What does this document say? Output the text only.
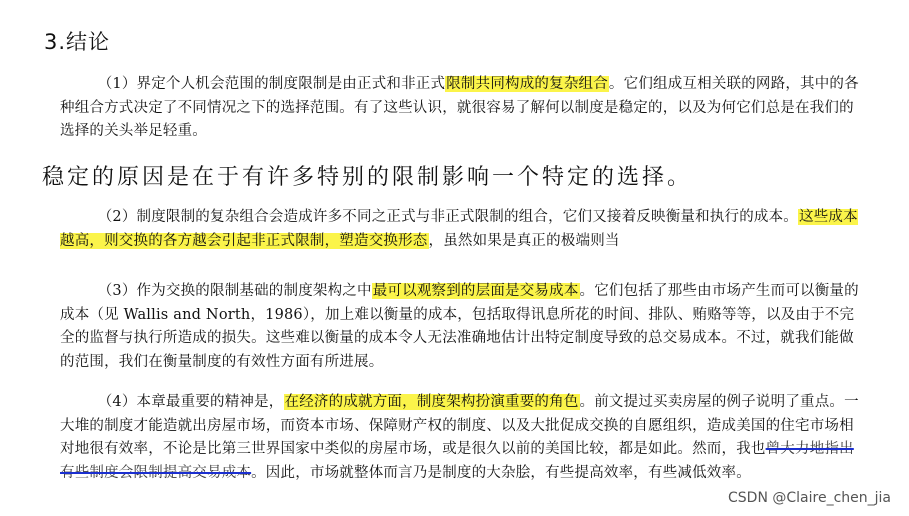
3.结论

（1）界定个人机会范围的制度限制是由正式和非正式限制共同构成的复杂组合。它们组成互相关联的网路，其中的各种组合方式决定了不同情况之下的选择范围。有了这些认识，就很容易了解何以制度是稳定的，以及为何它们总是在我们的选择的关头举足轻重。

稳定的原因是在于有许多特别的限制影响一个特定的选择。

（2）制度限制的复杂组合会造成许多不同之正式与非正式限制的组合，它们又接着反映衡量和执行的成本。这些成本越高，则交换的各方越会引起非正式限制，塑造交换形态，虽然如果是真正的极端则当

（3）作为交换的限制基础的制度架构之中最可以观察到的层面是交易成本。它们包括了那些由市场产生而可以衡量的成本（见 Wallis and North，1986），加上难以衡量的成本，包括取得讯息所花的时间、排队、贿赂等等，以及由于不完全的监督与执行所造成的损失。这些难以衡量的成本令人无法准确地估计出特定制度导致的总交易成本。不过，就我们能做的范围，我们在衡量制度的有效性方面有所进展。

（4）本章最重要的精神是，在经济的成就方面，制度架构扮演重要的角色。前文提过买卖房屋的例子说明了重点。一大堆的制度才能造就出房屋市场，而资本市场、保障财产权的制度、以及大批促成交换的自愿组织，造成美国的住宅市场相对地很有效率，不论是比第三世界国家中类似的房屋市场，或是很久以前的美国比较，都是如此。然而，我也曾大力地指出有些制度会限制提高交易成本。因此，市场就整体而言乃是制度的大杂脍，有些提高效率，有些减低效率。

CSDN @Claire_chen_jia
